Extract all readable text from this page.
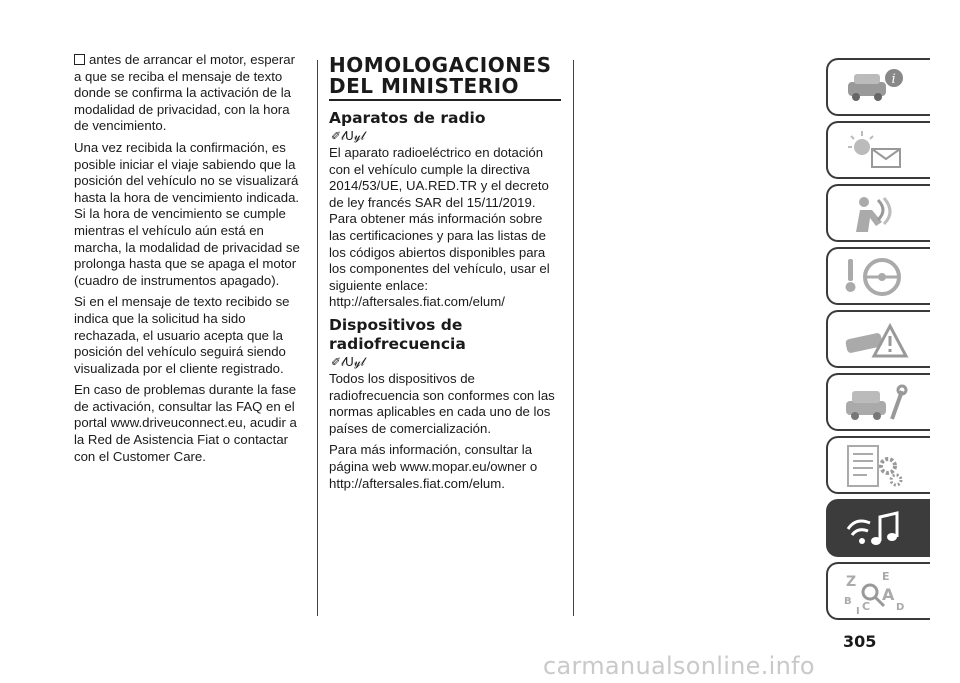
antes de arrancar el motor, esperar a que se reciba el mensaje de texto donde se confirma la activación de la modalidad de privacidad, con la hora de vencimiento.

Una vez recibida la confirmación, es posible iniciar el viaje sabiendo que la posición del vehículo no se visualizará hasta la hora de vencimiento indicada. Si la hora de vencimiento se cumple mientras el vehículo aún está en marcha, la modalidad de privacidad se prolonga hasta que se apaga el motor (cuadro de instrumentos apagado).

Si en el mensaje de texto recibido se indica que la solicitud ha sido rechazada, el usuario acepta que la posición del vehículo seguirá siendo visualizada por el cliente registrado.

En caso de problemas durante la fase de activación, consultar las FAQ en el portal www.driveuconnect.eu, acudir a la Red de Asistencia Fiat o contactar con el Customer Care.

HOMOLOGACIONES
DEL MINISTERIO
Aparatos de radio
✐𝓁U𝓎𝓁

El aparato radioeléctrico en dotación con el vehículo cumple la directiva 2014/53/UE, UA.RED.TR y el decreto de ley francés SAR del 15/11/2019. Para obtener más información sobre las certificaciones y para las listas de los códigos abiertos disponibles para los componentes del vehículo, usar el siguiente enlace: http://aftersales.fiat.com/elum/

Dispositivos de
radiofrecuencia
✐𝓁U𝓎𝓁

Todos los dispositivos de radiofrecuencia son conformes con las normas aplicables en cada uno de los países de comercialización.

Para más información, consultar la página web www.mopar.eu/owner o http://aftersales.fiat.com/elum.

i
Z E
B A
C	D
I
305
carmanualsonline.info
